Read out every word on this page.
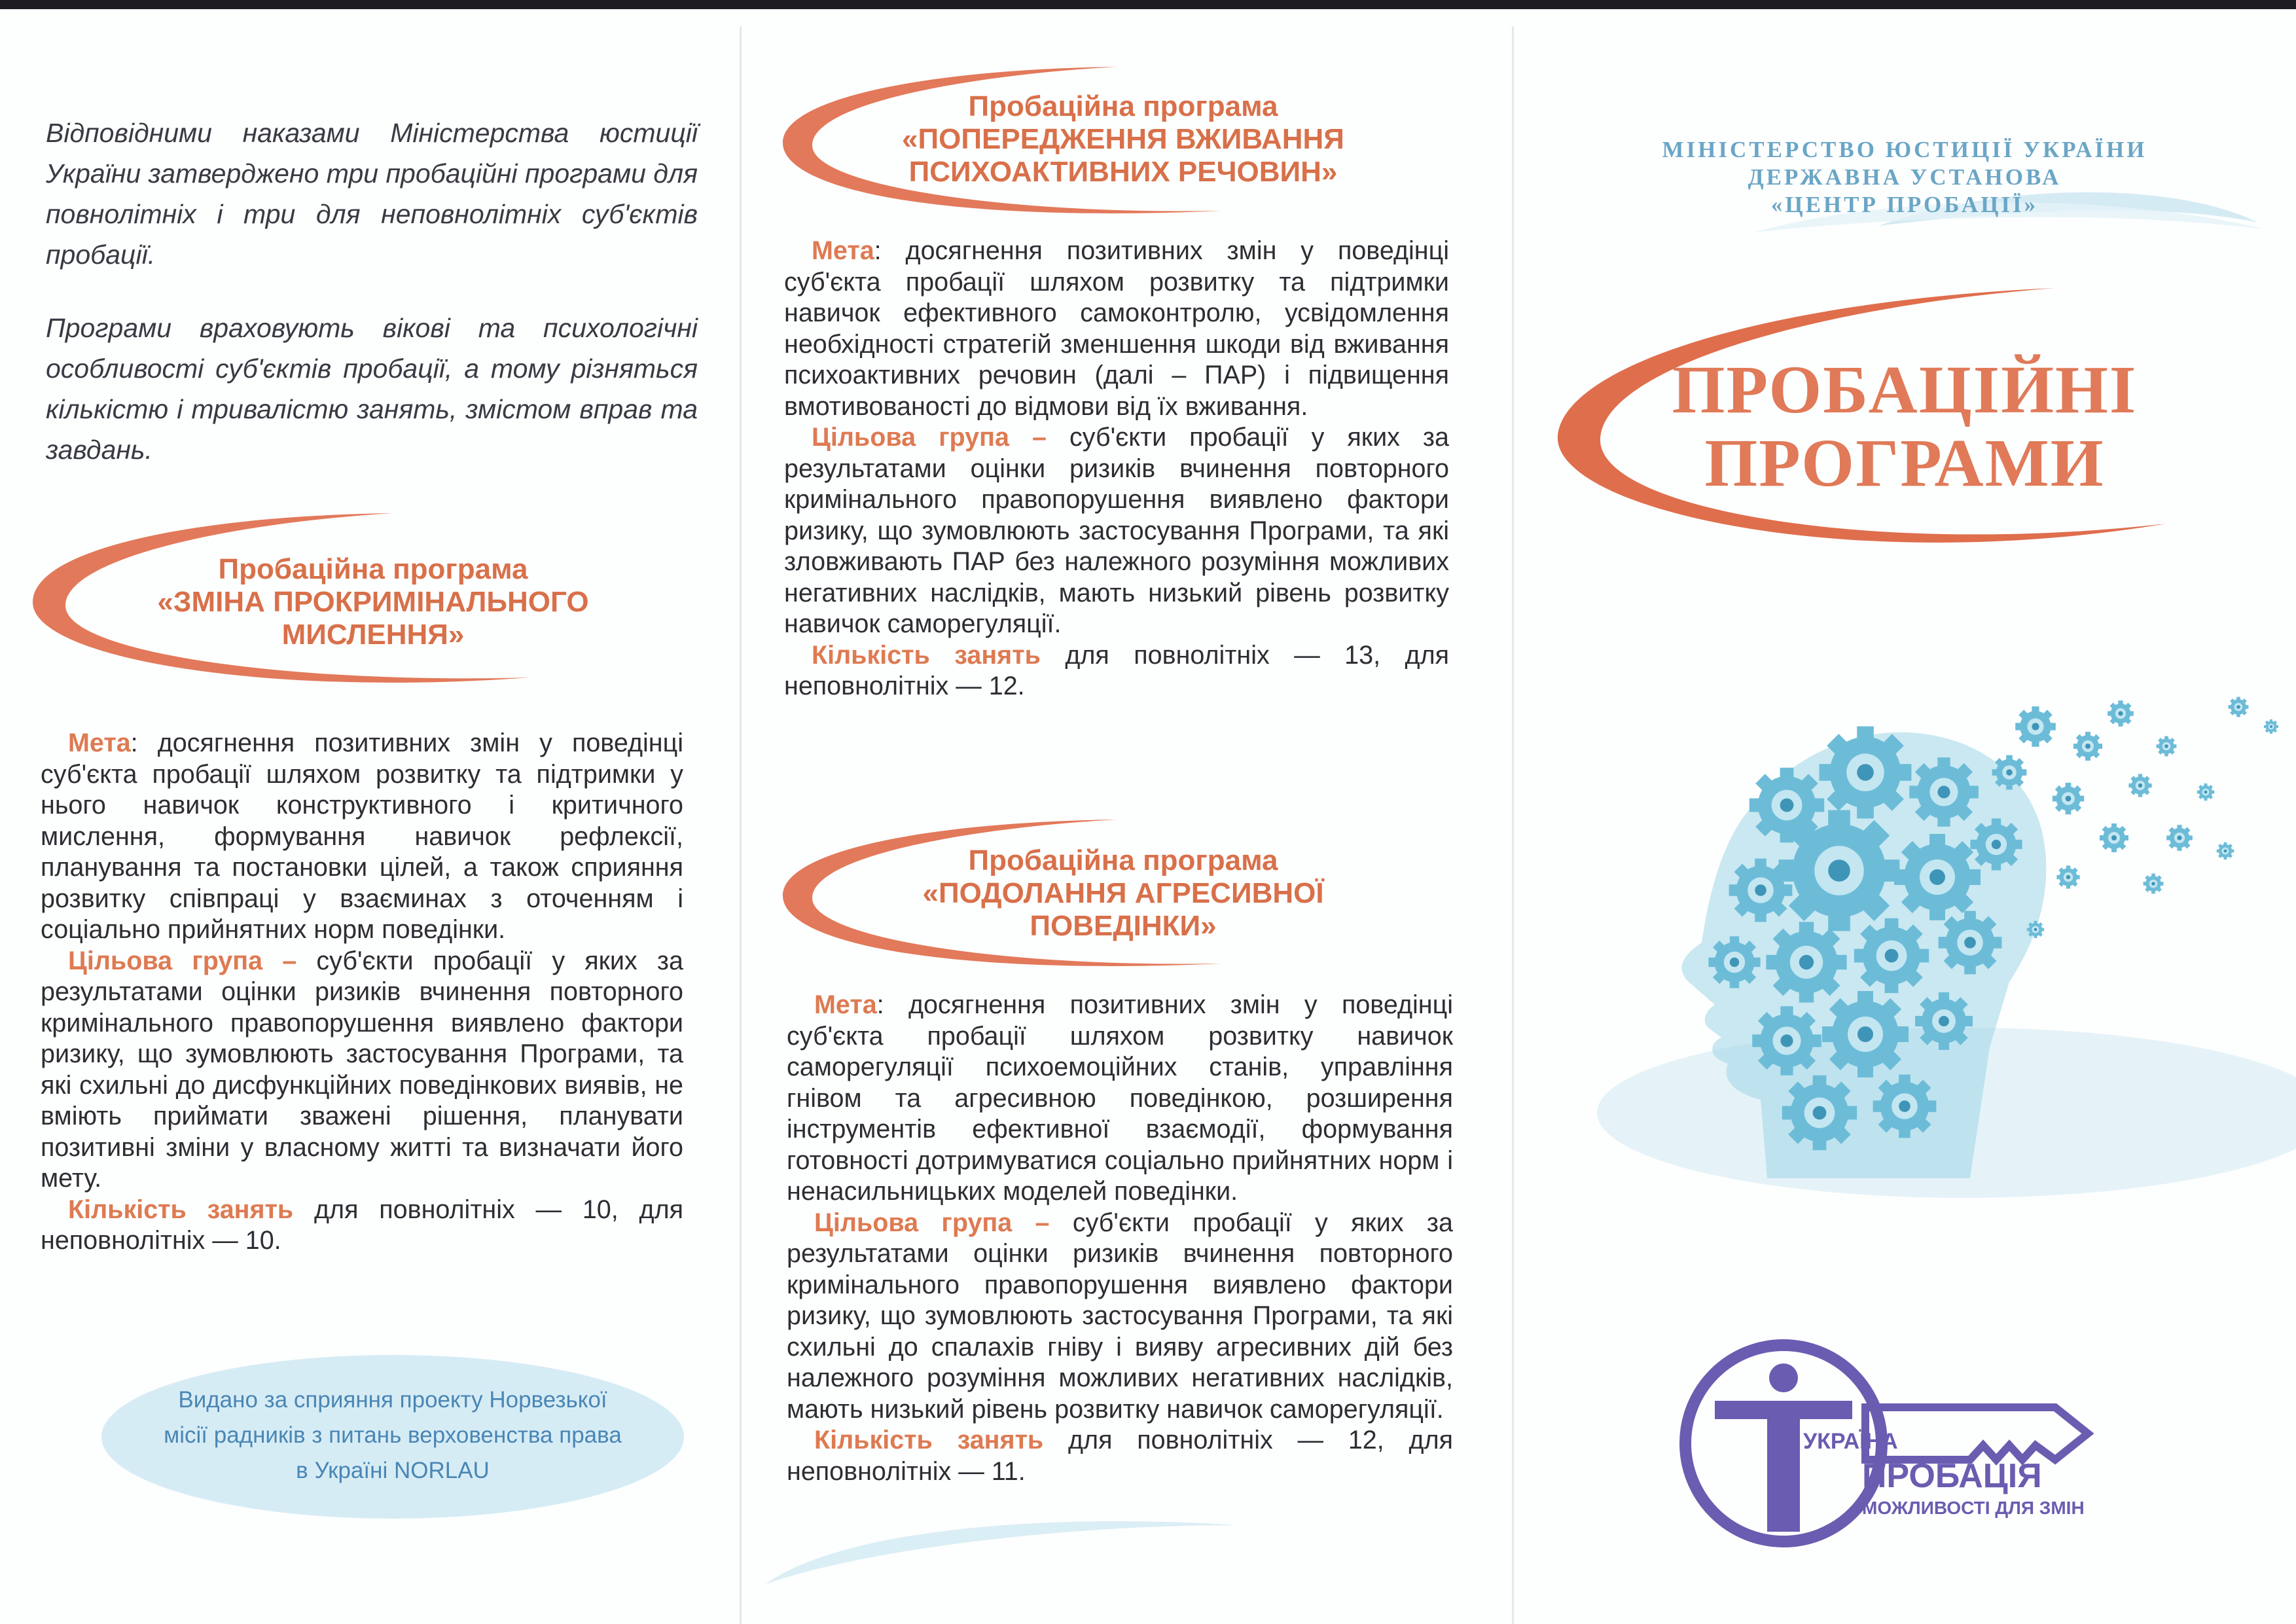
Відповідними наказами Міністерства юстиції України затверджено три пробаційні програми для повнолітніх і три для неповнолітніх суб'єктів пробації.

Програми враховують вікові та психологічні особливості суб'єктів пробації, а тому різняться кількістю і тривалістю занять, змістом вправ та завдань.

Пробаційна програма
«ЗМІНА ПРОКРИМІНАЛЬНОГО
МИСЛЕННЯ»

Мета: досягнення позитивних змін у поведінці суб'єкта пробації шляхом розвитку та підтримки у нього навичок конструктивного і критичного мислення, формування навичок рефлексії, планування та постановки цілей, а також сприяння розвитку співпраці у взаєминах з оточенням і соціально прийнятних норм поведінки.

Цільова група – суб'єкти пробації у яких за результатами оцінки ризиків вчинення повторного кримінального правопорушення виявлено фактори ризику, що зумовлюють застосування Програми, та які схильні до дисфункційних поведінкових виявів, не вміють приймати зважені рішення, планувати позитивні зміни у власному житті та визначати його мету.

Кількість занять для повнолітніх — 10, для неповнолітніх — 10.

Видано за сприяння проекту Норвезької
місії радників з питань верховенства права
в Україні NORLAU
Пробаційна програма
«ПОПЕРЕДЖЕННЯ ВЖИВАННЯ
ПСИХОАКТИВНИХ РЕЧОВИН»

Мета: досягнення позитивних змін у поведінці суб'єкта пробації шляхом розвитку та підтримки навичок ефективного самоконтролю, усвідомлення необхідності стратегій зменшення шкоди від вживання психоактивних речовин (далі – ПАР) і підвищення вмотивованості до відмови від їх вживання.

Цільова група – суб'єкти пробації у яких за результатами оцінки ризиків вчинення повторного кримінального правопорушення виявлено фактори ризику, що зумовлюють застосування Програми, та які зловживають ПАР без належного розуміння можливих негативних наслідків, мають низький рівень розвитку навичок саморегуляції.

Кількість занять для повнолітніх — 13, для неповнолітніх — 12.

Пробаційна програма
«ПОДОЛАННЯ АГРЕСИВНОЇ
ПОВЕДІНКИ»

Мета: досягнення позитивних змін у поведінці суб'єкта пробації шляхом розвитку навичок саморегуляції психоемоційних станів, управління гнівом та агресивною поведінкою, розширення інструментів ефективної взаємодії, формування готовності дотримуватися соціально прийнятних норм і ненасильницьких моделей поведінки.

Цільова група – суб'єкти пробації у яких за результатами оцінки ризиків вчинення повторного кримінального правопорушення виявлено фактори ризику, що зумовлюють застосування Програми, та які схильні до спалахів гніву і вияву агресивних дій без належного розуміння можливих негативних наслідків, мають низький рівень розвитку навичок саморегуляції.

Кількість занять для повнолітніх — 12, для неповнолітніх — 11.

МІНІСТЕРСТВО ЮСТИЦІЇ УКРАЇНИ
ДЕРЖАВНА УСТАНОВА
«ЦЕНТР ПРОБАЦІЇ»
ПРОБАЦІЙНІ
ПРОГРАМИ
УКРАЇНА
ПРОБАЦІЯ
МОЖЛИВОСТІ ДЛЯ ЗМІН
